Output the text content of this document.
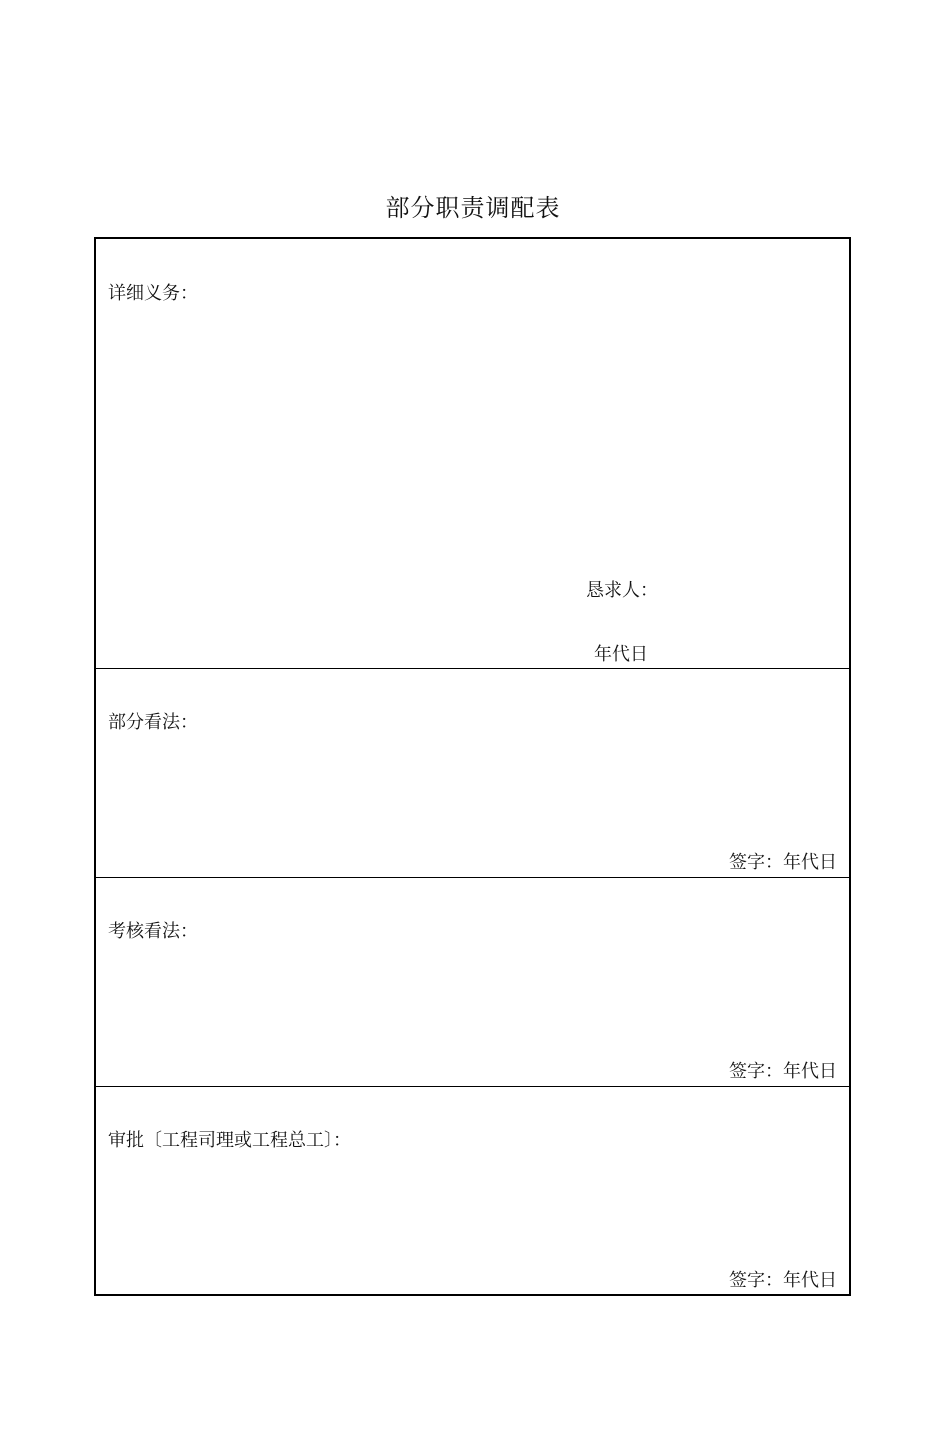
部分职责调配表
详细义务：
恳求人：
年代日
部分看法：
签字：年代日
考核看法：
签字：年代日
审批〔工程司理或工程总工〕：
签字：年代日
